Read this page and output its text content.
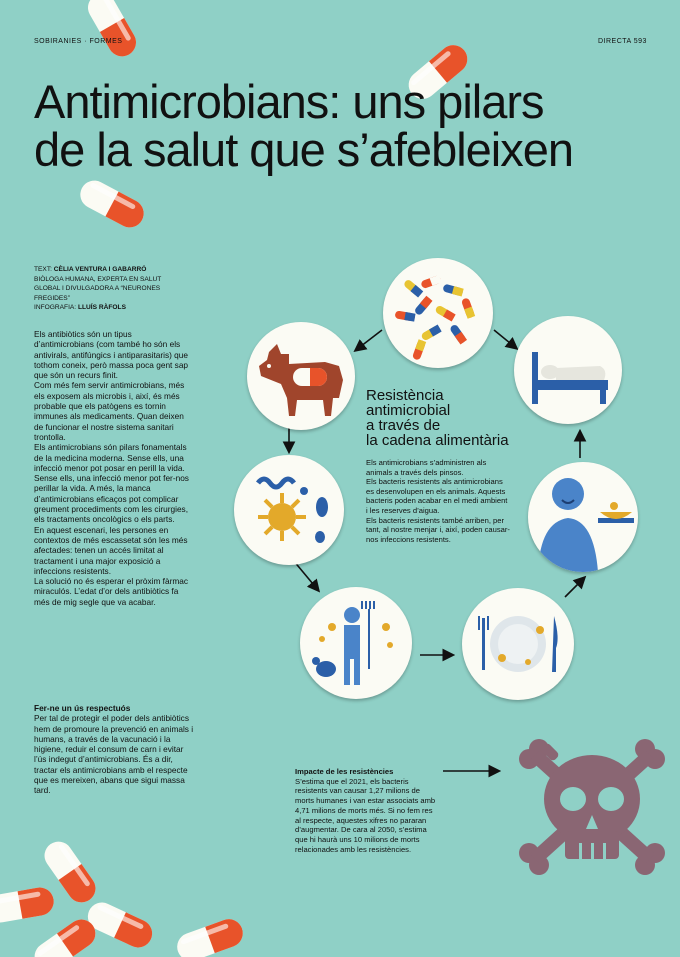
SOBIRANIES · FORMES	DIRECTA 593
Antimicrobians: uns pilars
de la salut que s’afebleixen
TEXT: CÈLIA VENTURA I GABARRÓ
BIÒLOGA HUMANA, EXPERTA EN SALUT
GLOBAL I DIVULGADORA A “NEURONES
FREGIDES”
INFOGRAFIA: LLUÍS RÀFOLS

Els antibiòtics són un tipus d’antimicrobians (com també ho són els antivirals, antifúngics i antiparasitaris) que tothom coneix, però massa poca gent sap que són un recurs finit.

Com més fem servir antimicrobians, més els exposem als microbis i, així, és més probable que els patògens es tornin immunes als medicaments. Quan deixen de funcionar el nostre sistema sanitari trontolla.

Els antimicrobians són pilars fonamentals de la medicina moderna. Sense ells, una infecció menor pot posar en perill la vida. Sense ells, una infecció menor pot fer-nos perillar la vida. A més, la manca d’antimicrobians eficaços pot complicar greument procediments com les cirurgies, els tractaments oncològics o els parts.

En aquest escenari, les persones en contextos de més escassetat són les més afectades: tenen un accés limitat al tractament i una major exposició a infeccions resistents.

La solució no és esperar el pròxim fàrmac miraculós. L’edat d’or dels antibiòtics fa més de mig segle que va acabar.

Fer-ne un ús respectuós

Per tal de protegir el poder dels antibiòtics hem de promoure la prevenció en animals i humans, a través de la vacunació i la higiene, reduir el consum de carn i evitar l’ús indegut d’antimicrobians. És a dir, tractar els antimicrobians amb el respecte que es mereixen, abans que sigui massa tard.

Resistència
antimicrobial
a través de
la cadena alimentària

Els antimicrobians s’administren als animals a través dels pinsos.

Els bacteris resistents als antimicrobians es desenvolupen en els animals. Aquests bacteris poden acabar en el medi ambient i les reserves d’aigua.

Els bacteris resistents també arriben, per tant, al nostre menjar i, així, poden causar-nos infeccions resistents.

Impacte de les resistències

S’estima que el 2021, els bacteris resistents van causar 1,27 milions de morts humanes i van estar associats amb 4,71 milions de morts més. Si no fem res al respecte, aquestes xifres no pararan d’augmentar. De cara al 2050, s’estima que hi haurà uns 10 milions de morts relacionades amb les resistències.
